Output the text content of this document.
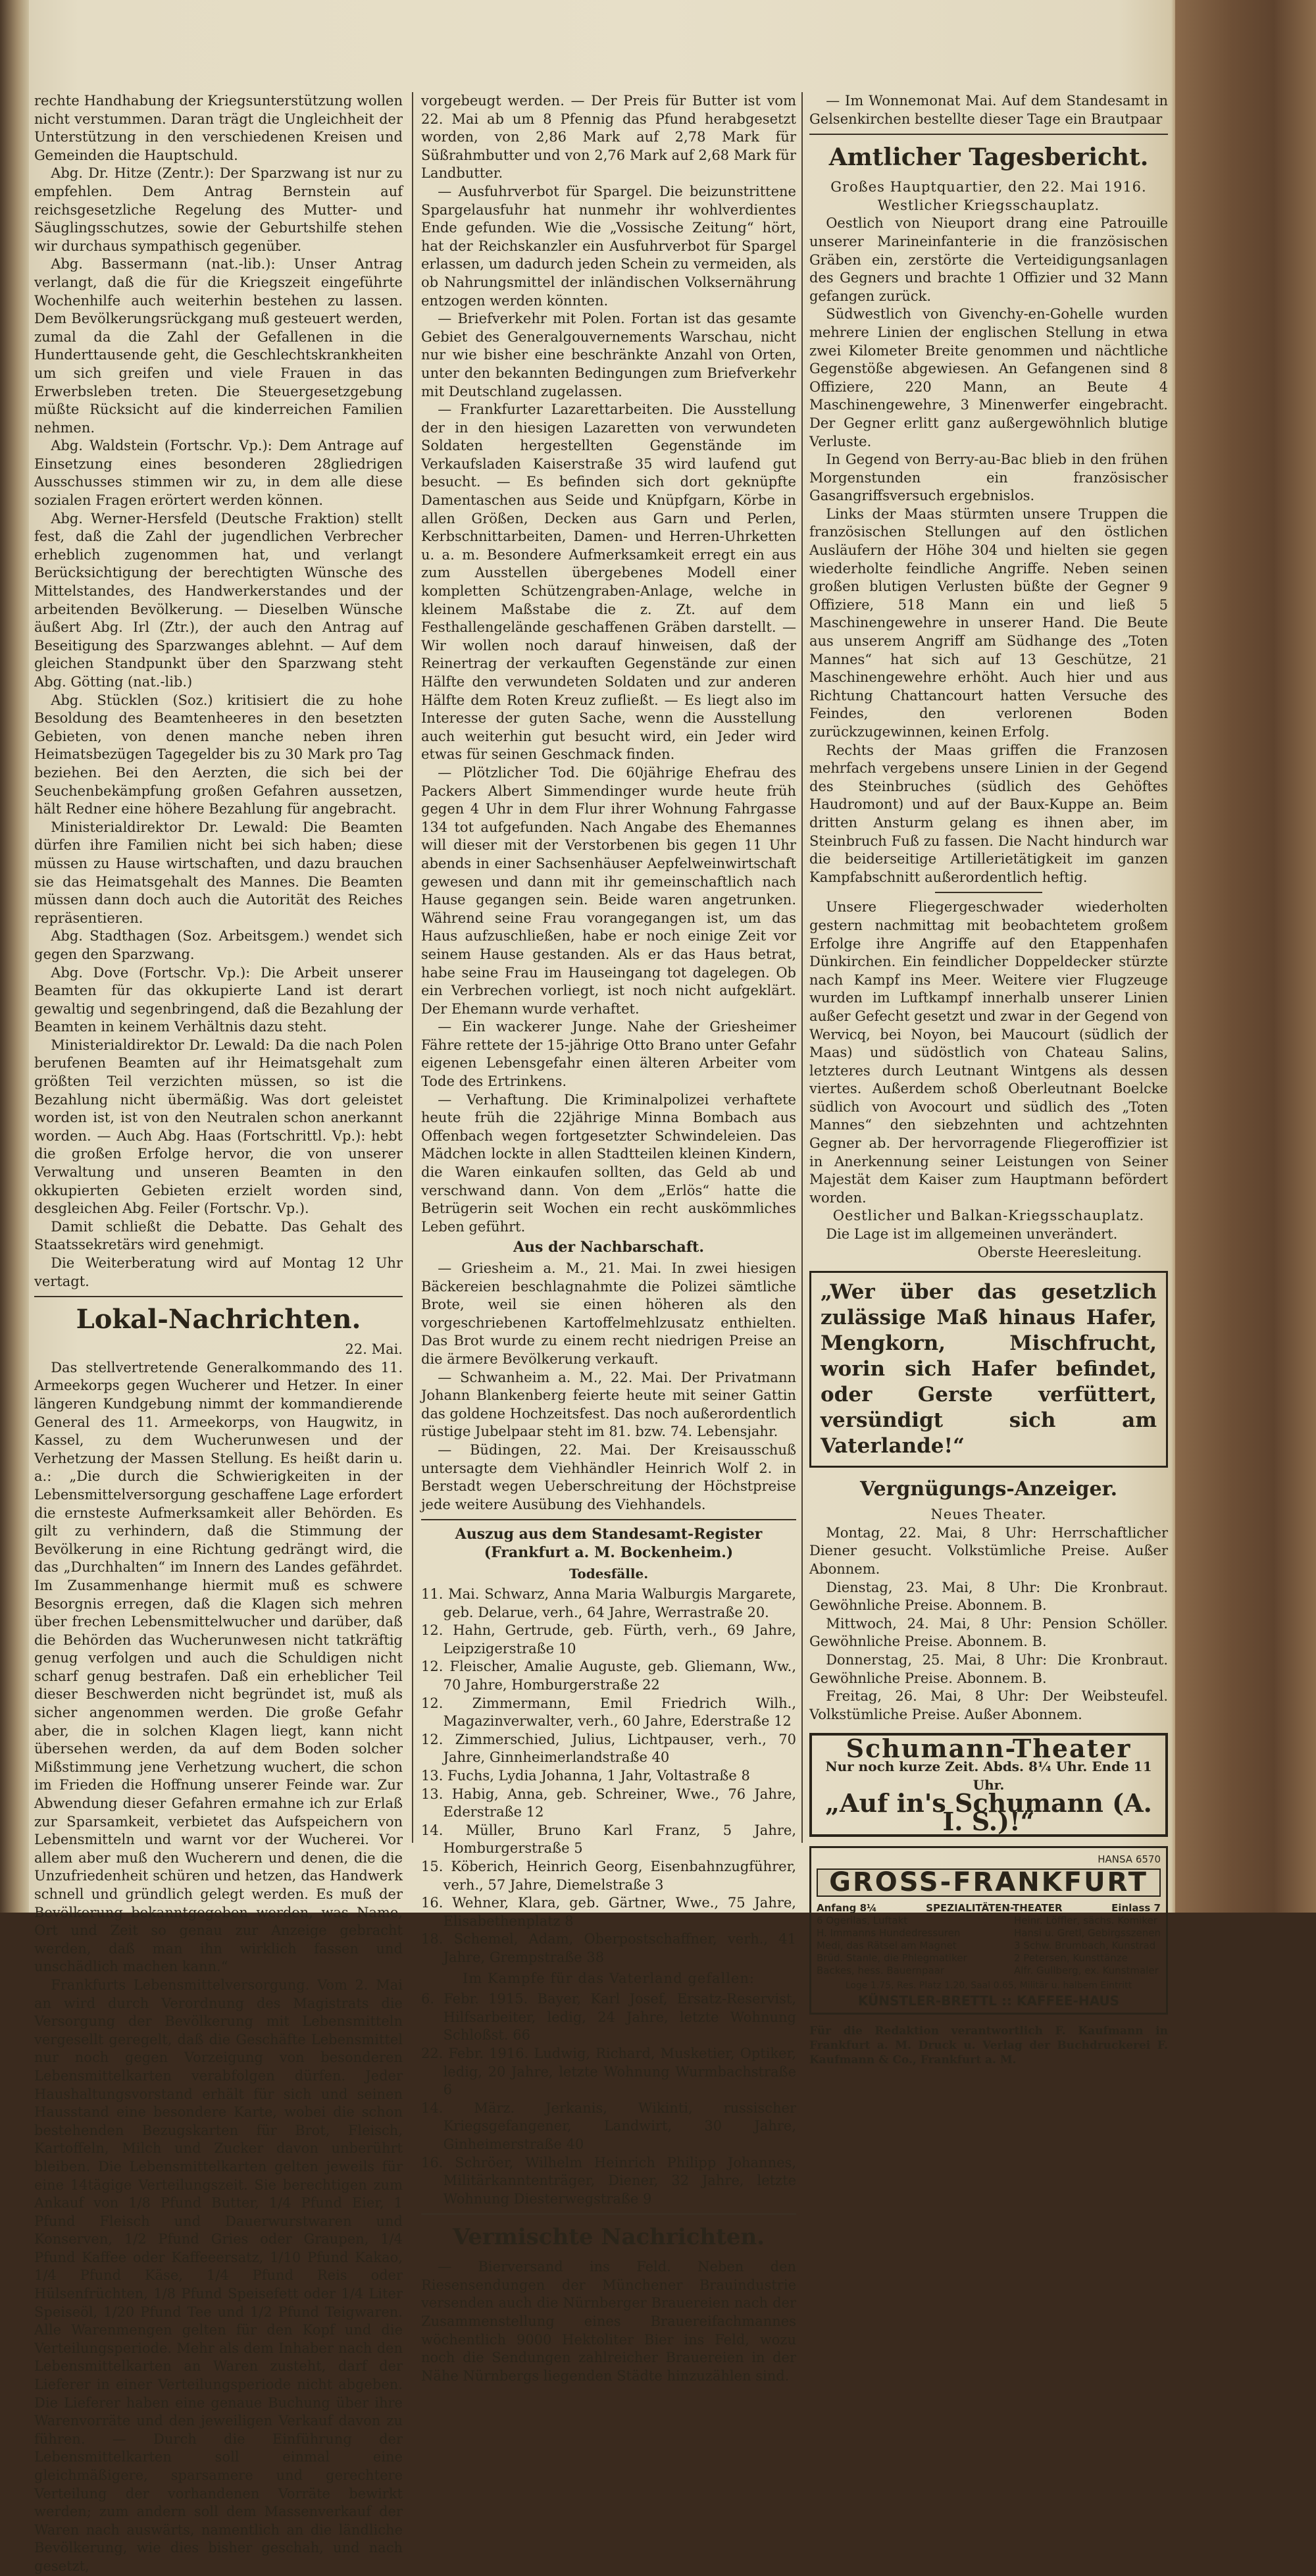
rechte Handhabung der Kriegsunterstützung wollen nicht verstummen. Daran trägt die Ungleichheit der Unterstützung in den verschiedenen Kreisen und Gemeinden die Hauptschuld.

Abg. Dr. Hitze (Zentr.): Der Sparzwang ist nur zu empfehlen. Dem Antrag Bernstein auf reichsgesetzliche Regelung des Mutter- und Säuglingsschutzes, sowie der Geburtshilfe stehen wir durchaus sympathisch gegenüber.

Abg. Bassermann (nat.-lib.): Unser Antrag verlangt, daß die für die Kriegszeit eingeführte Wochenhilfe auch weiterhin bestehen zu lassen. Dem Bevölkerungsrückgang muß gesteuert werden, zumal da die Zahl der Gefallenen in die Hunderttausende geht, die Geschlechtskrankheiten um sich greifen und viele Frauen in das Erwerbsleben treten. Die Steuergesetzgebung müßte Rücksicht auf die kinderreichen Familien nehmen.

Abg. Waldstein (Fortschr. Vp.): Dem Antrage auf Einsetzung eines besonderen 28gliedrigen Ausschusses stimmen wir zu, in dem alle diese sozialen Fragen erörtert werden können.

Abg. Werner-Hersfeld (Deutsche Fraktion) stellt fest, daß die Zahl der jugendlichen Verbrecher erheblich zugenommen hat, und verlangt Berücksichtigung der berechtigten Wünsche des Mittelstandes, des Handwerkerstandes und der arbeitenden Bevölkerung. — Dieselben Wünsche äußert Abg. Irl (Ztr.), der auch den Antrag auf Beseitigung des Sparzwanges ablehnt. — Auf dem gleichen Standpunkt über den Sparzwang steht Abg. Götting (nat.-lib.)

Abg. Stücklen (Soz.) kritisiert die zu hohe Besoldung des Beamtenheeres in den besetzten Gebieten, von denen manche neben ihren Heimatsbezügen Tagegelder bis zu 30 Mark pro Tag beziehen. Bei den Aerzten, die sich bei der Seuchenbekämpfung großen Gefahren aussetzen, hält Redner eine höhere Bezahlung für angebracht.

Ministerialdirektor Dr. Lewald: Die Beamten dürfen ihre Familien nicht bei sich haben; diese müssen zu Hause wirtschaften, und dazu brauchen sie das Heimatsgehalt des Mannes. Die Beamten müssen dann doch auch die Autorität des Reiches repräsentieren.

Abg. Stadthagen (Soz. Arbeitsgem.) wendet sich gegen den Sparzwang.

Abg. Dove (Fortschr. Vp.): Die Arbeit unserer Beamten für das okkupierte Land ist derart gewaltig und segenbringend, daß die Bezahlung der Beamten in keinem Verhältnis dazu steht.

Ministerialdirektor Dr. Lewald: Da die nach Polen berufenen Beamten auf ihr Heimatsgehalt zum größten Teil verzichten müssen, so ist die Bezahlung nicht übermäßig. Was dort geleistet worden ist, ist von den Neutralen schon anerkannt worden. — Auch Abg. Haas (Fortschrittl. Vp.): hebt die großen Erfolge hervor, die von unserer Verwaltung und unseren Beamten in den okkupierten Gebieten erzielt worden sind, desgleichen Abg. Feiler (Fortschr. Vp.).

Damit schließt die Debatte. Das Gehalt des Staatssekretärs wird genehmigt.

Die Weiterberatung wird auf Montag 12 Uhr vertagt.

Lokal-Nachrichten.
22. Mai.

Das stellvertretende Generalkommando des 11. Armeekorps gegen Wucherer und Hetzer. In einer längeren Kundgebung nimmt der kommandierende General des 11. Armeekorps, von Haugwitz, in Kassel, zu dem Wucherunwesen und der Verhetzung der Massen Stellung. Es heißt darin u. a.: „Die durch die Schwierigkeiten in der Lebensmittelversorgung geschaffene Lage erfordert die ernsteste Aufmerksamkeit aller Behörden. Es gilt zu verhindern, daß die Stimmung der Bevölkerung in eine Richtung gedrängt wird, die das „Durchhalten“ im Innern des Landes gefährdet. Im Zusammenhange hiermit muß es schwere Besorgnis erregen, daß die Klagen sich mehren über frechen Lebensmittelwucher und darüber, daß die Behörden das Wucherunwesen nicht tatkräftig genug verfolgen und auch die Schuldigen nicht scharf genug bestrafen. Daß ein erheblicher Teil dieser Beschwerden nicht begründet ist, muß als sicher angenommen werden. Die große Gefahr aber, die in solchen Klagen liegt, kann nicht übersehen werden, da auf dem Boden solcher Mißstimmung jene Verhetzung wuchert, die schon im Frieden die Hoffnung unserer Feinde war. Zur Abwendung dieser Gefahren ermahne ich zur Erlaß zur Sparsamkeit, verbietet das Aufspeichern von Lebensmitteln und warnt vor der Wucherei. Vor allem aber muß den Wucherern und denen, die die Unzufriedenheit schüren und hetzen, das Handwerk schnell und gründlich gelegt werden. Es muß der Bevölkerung bekanntgegeben werden, was Name, Ort und Zeit so genau zur Anzeige gebracht werden, daß man ihn wirklich fassen und unschädlich machen kann.“

Frankfurts Lebensmittelversorgung. Vom 2. Mai an wird durch Verordnung des Magistrats die Versorgung der Bevölkerung mit Lebensmitteln vergesellt geregelt, daß die Geschäfte Lebensmittel nur noch gegen Vorzeigung von besonderen Lebensmittelkarten verabfolgen dürfen. Jeder Haushaltungsvorstand erhält für sich und seinen Hausstand eine besondere Karte, wobei die schon bestehenden Bezugskarten für Brot, Fleisch, Kartoffeln, Milch und Zucker davon unberührt bleiben. Die Lebensmittelkarten gelten jeweils für eine 14tägige Verteilungszeit. Sie berechtigen zum Ankauf von 1/8 Pfund Butter, 1/4 Pfund Eier, 1 Pfund Fleisch und Dauerwurstwaren und Konserven, 1/2 Pfund Gries oder Graupen, 1/4 Pfund Kaffee oder Kaffeeersatz, 1/10 Pfund Kakao, 1/4 Pfund Käse, 1/4 Pfund Reis oder Hülsenfrüchten, 1/8 Pfund Speisefett oder 1/4 Liter Speiseöl, 1/20 Pfund Tee und 1/2 Pfund Teigwaren. Alle Warenmengen gelten für den Kopf und die Verteilungsperiode. Mehr als dem Inhaber nach den Lebensmittelkarten an Waren zusteht, darf der Lieferer in einer Verteilungsperiode nicht abgeben. Die Lieferer haben eine genaue Buchung über ihre Warenvorräte und den jeweiligen Verkauf davon zu führen. — Durch die Einführung der Lebensmittelkarten soll einmal eine gleichmäßigere, sparsamere und gerechtere Verteilung der vorhandenen Vorräte bewirkt werden; zum andern soll dem Massenverkauf der Waren nach auswärts, namentlich an die ländliche Bevölkerung, wie dies bisher geschah, und nach gesetzt,

vorgebeugt werden. — Der Preis für Butter ist vom 22. Mai ab um 8 Pfennig das Pfund herabgesetzt worden, von 2,86 Mark auf 2,78 Mark für Süßrahmbutter und von 2,76 Mark auf 2,68 Mark für Landbutter.

— Ausfuhrverbot für Spargel. Die beizunstrittene Spargelausfuhr hat nunmehr ihr wohlverdientes Ende gefunden. Wie die „Vossische Zeitung“ hört, hat der Reichskanzler ein Ausfuhrverbot für Spargel erlassen, um dadurch jeden Schein zu vermeiden, als ob Nahrungsmittel der inländischen Volksernährung entzogen werden könnten.

— Briefverkehr mit Polen. Fortan ist das gesamte Gebiet des Generalgouvernements Warschau, nicht nur wie bisher eine beschränkte Anzahl von Orten, unter den bekannten Bedingungen zum Briefverkehr mit Deutschland zugelassen.

— Frankfurter Lazarettarbeiten. Die Ausstellung der in den hiesigen Lazaretten von verwundeten Soldaten hergestellten Gegenstände im Verkaufsladen Kaiserstraße 35 wird laufend gut besucht. — Es befinden sich dort geknüpfte Damentaschen aus Seide und Knüpfgarn, Körbe in allen Größen, Decken aus Garn und Perlen, Kerbschnittarbeiten, Damen- und Herren-Uhrketten u. a. m. Besondere Aufmerksamkeit erregt ein aus zum Ausstellen übergebenes Modell einer kompletten Schützengraben-Anlage, welche in kleinem Maßstabe die z. Zt. auf dem Festhallengelände geschaffenen Gräben darstellt. — Wir wollen noch darauf hinweisen, daß der Reinertrag der verkauften Gegenstände zur einen Hälfte den verwundeten Soldaten und zur anderen Hälfte dem Roten Kreuz zufließt. — Es liegt also im Interesse der guten Sache, wenn die Ausstellung auch weiterhin gut besucht wird, ein Jeder wird etwas für seinen Geschmack finden.

— Plötzlicher Tod. Die 60jährige Ehefrau des Packers Albert Simmendinger wurde heute früh gegen 4 Uhr in dem Flur ihrer Wohnung Fahrgasse 134 tot aufgefunden. Nach Angabe des Ehemannes will dieser mit der Verstorbenen bis gegen 11 Uhr abends in einer Sachsenhäuser Aepfelweinwirtschaft gewesen und dann mit ihr gemeinschaftlich nach Hause gegangen sein. Beide waren angetrunken. Während seine Frau vorangegangen ist, um das Haus aufzuschließen, habe er noch einige Zeit vor seinem Hause gestanden. Als er das Haus betrat, habe seine Frau im Hauseingang tot dagelegen. Ob ein Verbrechen vorliegt, ist noch nicht aufgeklärt. Der Ehemann wurde verhaftet.

— Ein wackerer Junge. Nahe der Griesheimer Fähre rettete der 15-jährige Otto Brano unter Gefahr eigenen Lebensgefahr einen älteren Arbeiter vom Tode des Ertrinkens.

— Verhaftung. Die Kriminalpolizei verhaftete heute früh die 22jährige Minna Bombach aus Offenbach wegen fortgesetzter Schwindeleien. Das Mädchen lockte in allen Stadtteilen kleinen Kindern, die Waren einkaufen sollten, das Geld ab und verschwand dann. Von dem „Erlös“ hatte die Betrügerin seit Wochen ein recht auskömmliches Leben geführt.

Aus der Nachbarschaft.

— Griesheim a. M., 21. Mai. In zwei hiesigen Bäckereien beschlagnahmte die Polizei sämtliche Brote, weil sie einen höheren als den vorgeschriebenen Kartoffelmehlzusatz enthielten. Das Brot wurde zu einem recht niedrigen Preise an die ärmere Bevölkerung verkauft.

— Schwanheim a. M., 22. Mai. Der Privatmann Johann Blankenberg feierte heute mit seiner Gattin das goldene Hochzeitsfest. Das noch außerordentlich rüstige Jubelpaar steht im 81. bzw. 74. Lebensjahr.

— Büdingen, 22. Mai. Der Kreisausschuß untersagte dem Viehhändler Heinrich Wolf 2. in Berstadt wegen Ueberschreitung der Höchstpreise jede weitere Ausübung des Viehhandels.

Auszug aus dem Standesamt-Register (Frankfurt a. M. Bockenheim.)
Todesfälle.
11. Mai. Schwarz, Anna Maria Walburgis Margarete, geb. Delarue, verh., 64 Jahre, Werrastraße 20.
12. Hahn, Gertrude, geb. Fürth, verh., 69 Jahre, Leipzigerstraße 10
12. Fleischer, Amalie Auguste, geb. Gliemann, Ww., 70 Jahre, Homburgerstraße 22
12. Zimmermann, Emil Friedrich Wilh., Magazinverwalter, verh., 60 Jahre, Ederstraße 12
12. Zimmerschied, Julius, Lichtpauser, verh., 70 Jahre, Ginnheimerlandstraße 40
13. Fuchs, Lydia Johanna, 1 Jahr, Voltastraße 8
13. Habig, Anna, geb. Schreiner, Wwe., 76 Jahre, Ederstraße 12
14. Müller, Bruno Karl Franz, 5 Jahre, Homburgerstraße 5
15. Köberich, Heinrich Georg, Eisenbahnzugführer, verh., 57 Jahre, Diemelstraße 3
16. Wehner, Klara, geb. Gärtner, Wwe., 75 Jahre, Elisabethenplatz 8
18. Schemel, Adam, Oberpostschaffner, verh., 41 Jahre, Grempstraße 38
Im Kampfe für das Vaterland gefallen:
6. Febr. 1915. Bayer, Karl Josef, Ersatz-Reservist, Hilfsarbeiter, ledig, 24 Jahre, letzte Wohnung Schloßst. 66
22. Febr. 1916. Ludwig, Richard, Musketier, Optiker, ledig, 20 Jahre, letzte Wohnung Wurmbachstraße 6
14. März. Jerkanis, Wikinti, russischer Kriegsgefangener, Landwirt, 30 Jahre, Ginheimerstraße 40
16. Schröer, Wilhelm Heinrich Philipp Johannes, Militärkanntenträger, Diener, 32 Jahre, letzte Wohnung Diesterwegstraße 9
Vermischte Nachrichten.

— Bierversand ins Feld. Neben den Riesensendungen der Münchener Brauindustrie versenden auch die Nürnberger Brauereien nach der Zusammenstellung eines Brauereifachmannes wöchentlich 9000 Hektoliter Bier ins Feld, wozu noch die Sendungen zahlreicher Brauereien in der Nähe Nürnbergs liegenden Städte hinzuzählen sind.

— Im Wonnemonat Mai. Auf dem Standesamt in Gelsenkirchen bestellte dieser Tage ein Brautpaar

Amtlicher Tagesbericht.
Großes Hauptquartier, den 22. Mai 1916.
Westlicher Kriegsschauplatz.

Oestlich von Nieuport drang eine Patrouille unserer Marineinfanterie in die französischen Gräben ein, zerstörte die Verteidigungsanlagen des Gegners und brachte 1 Offizier und 32 Mann gefangen zurück.

Südwestlich von Givenchy-en-Gohelle wurden mehrere Linien der englischen Stellung in etwa zwei Kilometer Breite genommen und nächtliche Gegenstöße abgewiesen. An Gefangenen sind 8 Offiziere, 220 Mann, an Beute 4 Maschinengewehre, 3 Minenwerfer eingebracht. Der Gegner erlitt ganz außergewöhnlich blutige Verluste.

In Gegend von Berry-au-Bac blieb in den frühen Morgenstunden ein französischer Gasangriffsversuch ergebnislos.

Links der Maas stürmten unsere Truppen die französischen Stellungen auf den östlichen Ausläufern der Höhe 304 und hielten sie gegen wiederholte feindliche Angriffe. Neben seinen großen blutigen Verlusten büßte der Gegner 9 Offiziere, 518 Mann ein und ließ 5 Maschinengewehre in unserer Hand. Die Beute aus unserem Angriff am Südhange des „Toten Mannes“ hat sich auf 13 Geschütze, 21 Maschinengewehre erhöht. Auch hier und aus Richtung Chattancourt hatten Versuche des Feindes, den verlorenen Boden zurückzugewinnen, keinen Erfolg.

Rechts der Maas griffen die Franzosen mehrfach vergebens unsere Linien in der Gegend des Steinbruches (südlich des Gehöftes Haudromont) und auf der Baux-Kuppe an. Beim dritten Ansturm gelang es ihnen aber, im Steinbruch Fuß zu fassen. Die Nacht hindurch war die beiderseitige Artillerietätigkeit im ganzen Kampfabschnitt außerordentlich heftig.

Unsere Fliegergeschwader wiederholten gestern nachmittag mit beobachtetem großem Erfolge ihre Angriffe auf den Etappenhafen Dünkirchen. Ein feindlicher Doppeldecker stürzte nach Kampf ins Meer. Weitere vier Flugzeuge wurden im Luftkampf innerhalb unserer Linien außer Gefecht gesetzt und zwar in der Gegend von Wervicq, bei Noyon, bei Maucourt (südlich der Maas) und südöstlich von Chateau Salins, letzteres durch Leutnant Wintgens als dessen viertes. Außerdem schoß Oberleutnant Boelcke südlich von Avocourt und südlich des „Toten Mannes“ den siebzehnten und achtzehnten Gegner ab. Der hervorragende Fliegeroffizier ist in Anerkennung seiner Leistungen von Seiner Majestät dem Kaiser zum Hauptmann befördert worden.

Oestlicher und Balkan-Kriegsschauplatz.

Die Lage ist im allgemeinen unverändert.

Oberste Heeresleitung.
„Wer über das gesetzlich zulässige Maß hinaus Hafer, Mengkorn, Mischfrucht, worin sich Hafer befindet, oder Gerste verfüttert, versündigt sich am Vaterlande!“
Vergnügungs-Anzeiger.
Neues Theater.
Montag, 22. Mai, 8 Uhr: Herrschaftlicher Diener gesucht. Volkstümliche Preise. Außer Abonnem.
Dienstag, 23. Mai, 8 Uhr: Die Kronbraut. Gewöhnliche Preise. Abonnem. B.
Mittwoch, 24. Mai, 8 Uhr: Pension Schöller. Gewöhnliche Preise. Abonnem. B.
Donnerstag, 25. Mai, 8 Uhr: Die Kronbraut. Gewöhnliche Preise. Abonnem. B.
Freitag, 26. Mai, 8 Uhr: Der Weibsteufel. Volkstümliche Preise. Außer Abonnem.
Schumann-Theater
Nur noch kurze Zeit. Abds. 8¼ Uhr. Ende 11 Uhr.
„Auf in's Schumann (A. I. S.)!“
HANSA 6570
GROSS-FRANKFURT
Anfang 8¼	SPEZIALITÄTEN-THEATER	Einlass 7
6 Ogerilas, Luftakt
H. Immanns Hundedressuren
Medi, das Rätsel am Magnet
Brüd. Stanle, die Phlegmatiker
Backes, hess. Bauernpaar
Heinr. Löffler, sächs. Komiker
Hansi u. Gretl, Gebirgsszenen
3 Schw. Brumbach, Kunstrad
2 Petersen, Kunsttänze
Alfr. Gullberg, ex. Kunstmaler
Loge 1.75, Res. Platz 1.20, Saal 0.65, Militär u. halbem Eintritt
KÜNSTLER-BRETTL :: KAFFEE-HAUS
Für die Redaktion verantwortlich F. Kaufmann in Frankfurt a. M. Druck u. Verlag der Buchdruckerei F. Kaufmann & Co., Frankfurt a. M.
